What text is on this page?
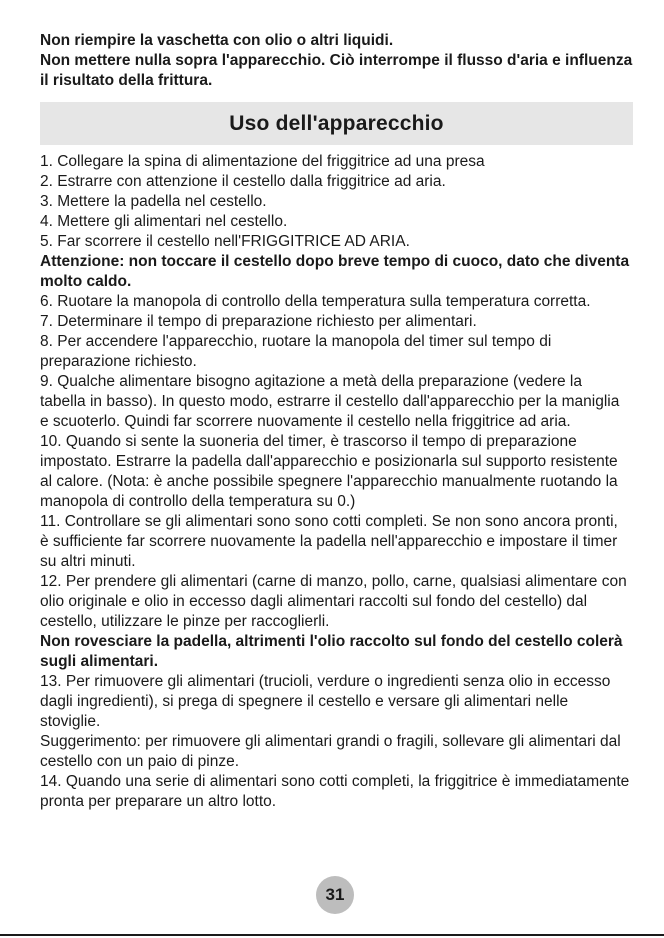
Non riempire la vaschetta con olio o altri liquidi.

Non mettere nulla sopra l'apparecchio. Ciò interrompe il flusso d'aria e influenza il risultato della frittura.

Uso dell'apparecchio

1. Collegare la spina di alimentazione del friggitrice ad una presa

2. Estrarre con attenzione il cestello dalla friggitrice ad aria.

3. Mettere la padella nel cestello.

4. Mettere gli alimentari nel cestello.

5. Far scorrere il cestello nell'FRIGGITRICE AD ARIA.

Attenzione: non toccare il cestello dopo breve tempo di cuoco, dato che diventa molto caldo.

6. Ruotare la manopola di controllo della temperatura sulla temperatura corretta.

7. Determinare il tempo di preparazione richiesto per alimentari.

8. Per accendere l'apparecchio, ruotare la manopola del timer sul tempo di preparazione richiesto.

9. Qualche alimentare bisogno agitazione a metà della preparazione (vedere la tabella in basso). In questo modo, estrarre il cestello dall'apparecchio per la maniglia e scuoterlo. Quindi far scorrere nuovamente il cestello nella friggitrice ad aria.

10. Quando si sente la suoneria del timer, è trascorso il tempo di preparazione impostato. Estrarre la padella dall'apparecchio e posizionarla sul supporto resistente al calore. (Nota: è anche possibile spegnere l'apparecchio manualmente ruotando la manopola di controllo della temperatura su 0.)

11. Controllare se gli alimentari sono sono cotti completi. Se non sono ancora pronti, è sufficiente far scorrere nuovamente la padella nell'apparecchio e impostare il timer su altri minuti.

12. Per prendere gli alimentari (carne di manzo, pollo, carne, qualsiasi alimentare con olio originale e olio in eccesso dagli alimentari raccolti sul fondo del cestello) dal cestello, utilizzare le pinze per raccoglierli.

Non rovesciare la padella, altrimenti l'olio raccolto sul fondo del cestello colerà sugli alimentari.

13. Per rimuovere gli alimentari (trucioli, verdure o ingredienti senza olio in eccesso dagli ingredienti), si prega di spegnere il cestello e versare gli alimentari nelle stoviglie.

Suggerimento: per rimuovere gli alimentari grandi o fragili, sollevare gli alimentari dal cestello con un paio di pinze.

14. Quando una serie di alimentari sono cotti completi, la friggitrice è immediatamente pronta per preparare un altro lotto.

31
